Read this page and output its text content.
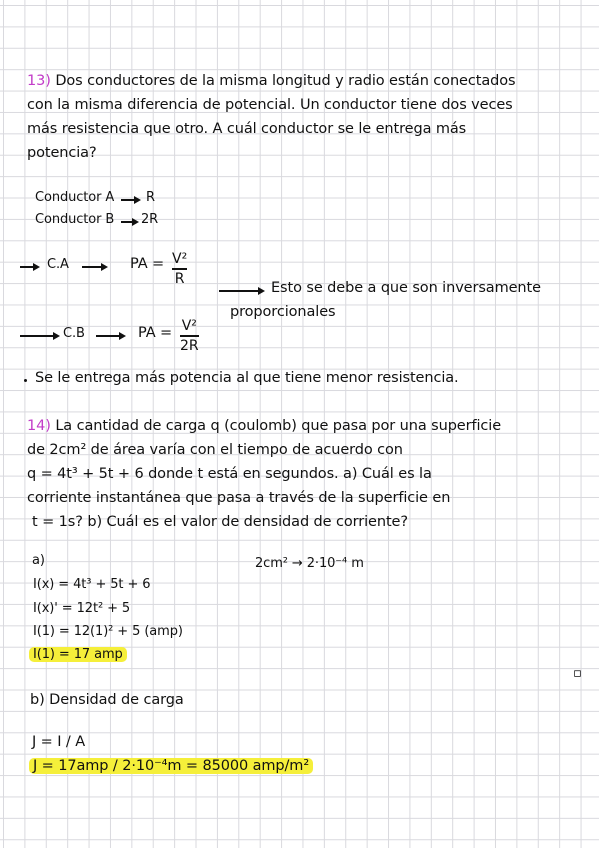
13) Dos conductores de la misma longitud y radio están conectados
con la misma diferencia de potencial. Un conductor tiene dos veces
más resistencia que otro. A cuál conductor se le entrega más
potencia?
Conductor A R
Conductor B 2R
C.A	PA = V²
R
Esto se debe a que son inversamente
proporcionales
C.B	PA = V²
2R
Se le entrega más potencia al que tiene menor resistencia.
14) La cantidad de carga q (coulomb) que pasa por una superficie
de 2cm² de área varía con el tiempo de acuerdo con
q = 4t³ + 5t + 6 donde t está en segundos. a) Cuál es la
corriente instantánea que pasa a través de la superficie en
t = 1s? b) Cuál es el valor de densidad de corriente?
a)	2cm² → 2·10⁻⁴ m
I(x) = 4t³ + 5t + 6
I(x)' = 12t² + 5
I(1) = 12(1)² + 5 (amp)
I(1) = 17 amp
▫
b) Densidad de carga
J = I / A
J = 17amp / 2·10⁻⁴m = 85000 amp/m²
